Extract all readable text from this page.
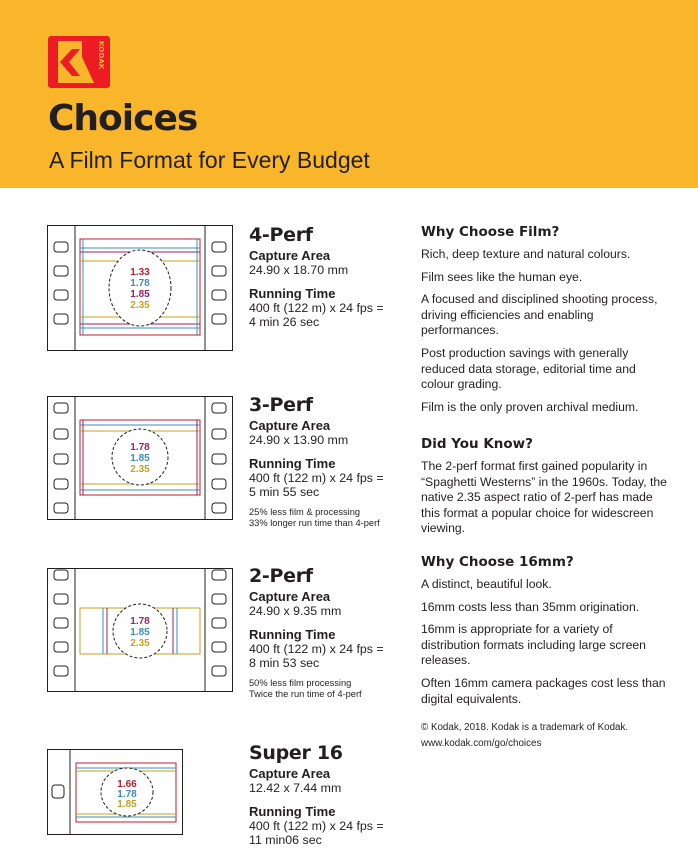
KODAK
Choices
A Film Format for Every Budget
1.33
1.78
1.85
2.35
1.78
1.85
2.35
1.78
1.85
2.35
1.66
1.78
1.85
4-Perf
Capture Area

24.90 x 18.70 mm

Running Time

400 ft (122 m) x 24 fps =

4 min 26 sec

3-Perf
Capture Area

24.90 x 13.90 mm

Running Time

400 ft (122 m) x 24 fps =

5 min 55 sec

25% less film & processing
33% longer run time than 4-perf
2-Perf
Capture Area

24.90 x 9.35 mm

Running Time

400 ft (122 m) x 24 fps =

8 min 53 sec

50% less film processing
Twice the run time of 4-perf
Super 16
Capture Area

12.42 x 7.44 mm

Running Time

400 ft (122 m) x 24 fps =

11 min06 sec

Why Choose Film?

Rich, deep texture and natural colours.

Film sees like the human eye.

A focused and disciplined shooting process, driving efficiencies and enabling performances.

Post production savings with generally reduced data storage, editorial time and colour grading.

Film is the only proven archival medium.

Did You Know?

The 2-perf format first gained popularity in “Spaghetti Westerns” in the 1960s. Today, the native 2.35 aspect ratio of 2-perf has made this format a popular choice for widescreen viewing.

Why Choose 16mm?

A distinct, beautiful look.

16mm costs less than 35mm origination.

16mm is appropriate for a variety of distribution formats including large screen releases.

Often 16mm camera packages cost less than digital equivalents.

© Kodak, 2018. Kodak is a trademark of Kodak.
www.kodak.com/go/choices
